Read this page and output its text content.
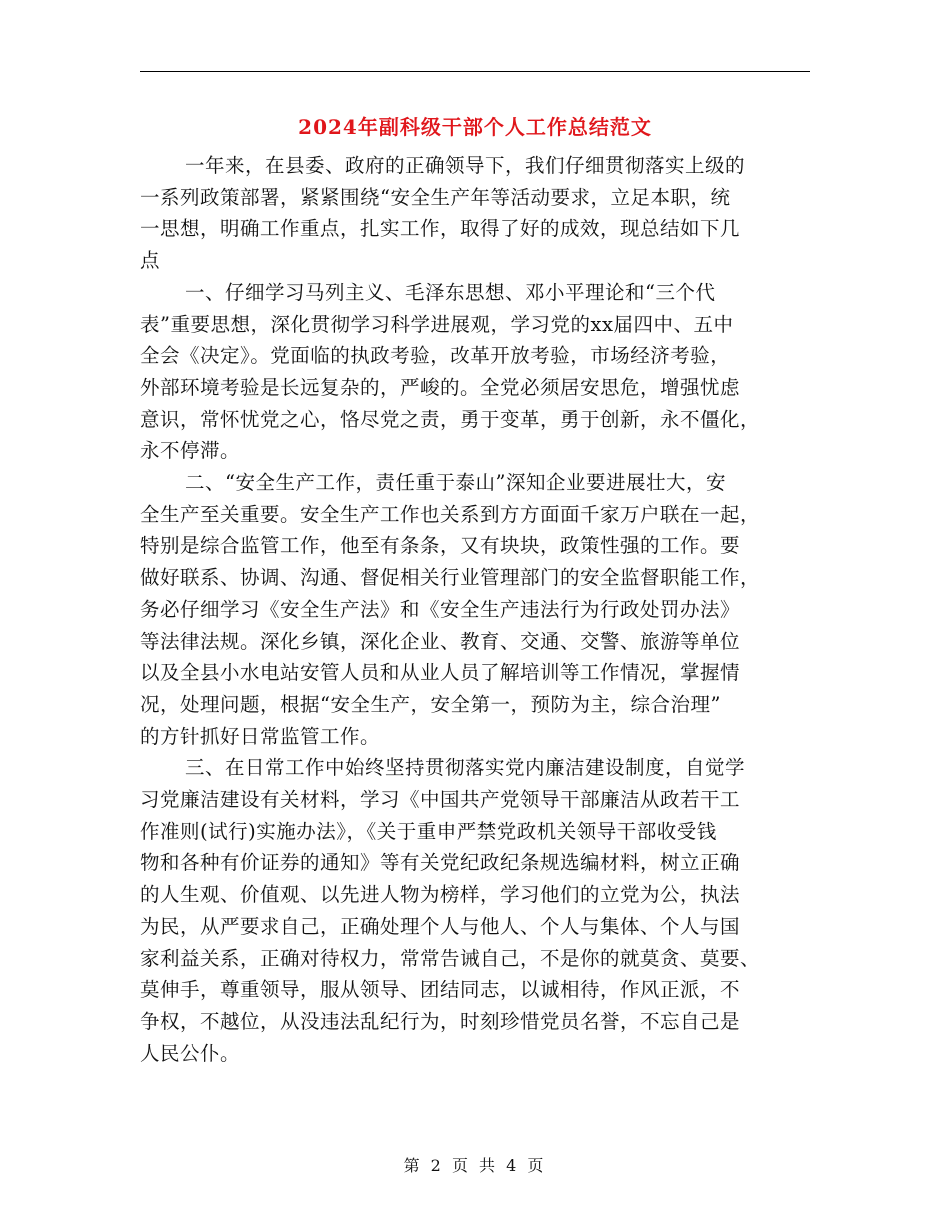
2024年副科级干部个人工作总结范文

一年来，在县委、政府的正确领导下，我们仔细贯彻落实上级的
一系列政策部署，紧紧围绕“安全生产年等活动要求，立足本职，统
一思想，明确工作重点，扎实工作，取得了好的成效，现总结如下几
点

一、仔细学习马列主义、毛泽东思想、邓小平理论和“三个代
表”重要思想，深化贯彻学习科学进展观，学习党的xx届四中、五中
全会《决定》。党面临的执政考验，改革开放考验，市场经济考验，
外部环境考验是长远复杂的，严峻的。全党必须居安思危，增强忧虑
意识，常怀忧党之心，恪尽党之责，勇于变革，勇于创新，永不僵化，
永不停滞。

二、“安全生产工作，责任重于泰山”深知企业要进展壮大，安
全生产至关重要。安全生产工作也关系到方方面面千家万户联在一起，
特别是综合监管工作，他至有条条，又有块块，政策性强的工作。要
做好联系、协调、沟通、督促相关行业管理部门的安全监督职能工作，
务必仔细学习《安全生产法》和《安全生产违法行为行政处罚办法》
等法律法规。深化乡镇，深化企业、教育、交通、交警、旅游等单位
以及全县小水电站安管人员和从业人员了解培训等工作情况，掌握情
况，处理问题，根据“安全生产，安全第一，预防为主，综合治理”
的方针抓好日常监管工作。

三、在日常工作中始终坚持贯彻落实党内廉洁建设制度，自觉学
习党廉洁建设有关材料，学习《中国共产党领导干部廉洁从政若干工
作准则(试行)实施办法》，《关于重申严禁党政机关领导干部收受钱
物和各种有价证券的通知》等有关党纪政纪条规选编材料，树立正确
的人生观、价值观、以先进人物为榜样，学习他们的立党为公，执法
为民，从严要求自己，正确处理个人与他人、个人与集体、个人与国
家利益关系，正确对待权力，常常告诫自己，不是你的就莫贪、莫要、
莫伸手，尊重领导，服从领导、团结同志，以诚相待，作风正派，不
争权，不越位，从没违法乱纪行为，时刻珍惜党员名誉，不忘自己是
人民公仆。

第 2 页 共 4 页
